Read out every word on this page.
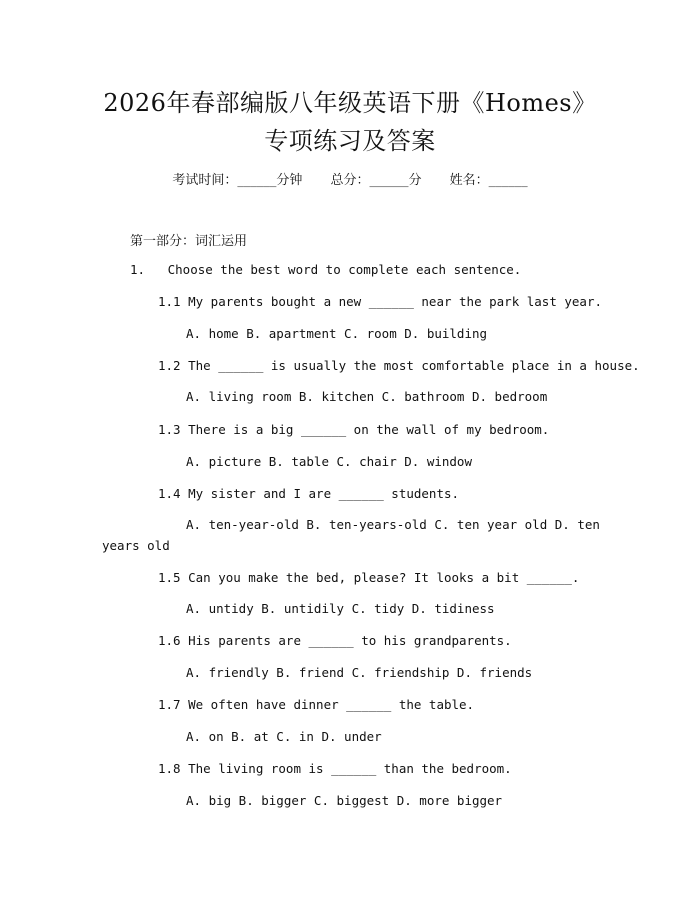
2026年春部编版八年级英语下册《Homes》
专项练习及答案
考试时间：______分钟 总分：______分 姓名：______
第一部分：词汇运用
1.   Choose the best word to complete each sentence.
1.1 My parents bought a new ______ near the park last year.
A. home B. apartment C. room D. building
1.2 The ______ is usually the most comfortable place in a house.
A. living room B. kitchen C. bathroom D. bedroom
1.3 There is a big ______ on the wall of my bedroom.
A. picture B. table C. chair D. window
1.4 My sister and I are ______ students.
A. ten-year-old B. ten-years-old C. ten year old D. ten
years old
1.5 Can you make the bed, please? It looks a bit ______.
A. untidy B. untidily C. tidy D. tidiness
1.6 His parents are ______ to his grandparents.
A. friendly B. friend C. friendship D. friends
1.7 We often have dinner ______ the table.
A. on B. at C. in D. under
1.8 The living room is ______ than the bedroom.
A. big B. bigger C. biggest D. more bigger
